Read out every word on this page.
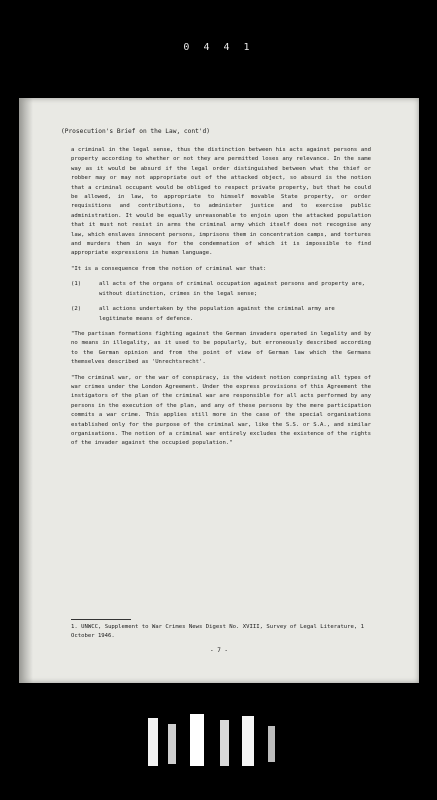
0 4 4 1
(Prosecution's Brief on the Law, cont'd)

a criminal in the legal sense, thus the distinction between his acts against persons and property according to whether or not they are permitted loses any relevance. In the same way as it would be absurd if the legal order distinguished between what the thief or robber may or may not appropriate out of the attacked object, so absurd is the notion that a criminal occupant would be obliged to respect private property, but that he could be allowed, in law, to appropriate to himself movable State property, or order requisitions and contributions, to administer justice and to exercise public administration. It would be equally unreasonable to enjoin upon the attacked population that it must not resist in arms the criminal army which itself does not recognise any law, which enslaves innocent persons, imprisons them in concentration camps, and tortures and murders them in ways for the condemnation of which it is impossible to find appropriate expressions in human language.

"It is a consequence from the notion of criminal war that:

(1)	all acts of the organs of criminal occupation against persons and property are, without distinction, crimes in the legal sense;
(2)	all actions undertaken by the population against the criminal army are legitimate means of defence.

"The partisan formations fighting against the German invaders operated in legality and by no means in illegality, as it used to be popularly, but erroneously described according to the German opinion and from the point of view of German law which the Germans themselves described as 'Unrechtsrecht'.

"The criminal war, or the war of conspiracy, is the widest notion comprising all types of war crimes under the London Agreement. Under the express provisions of this Agreement the instigators of the plan of the criminal war are responsible for all acts performed by any persons in the execution of the plan, and any of these persons by the mere participation commits a war crime. This applies still more in the case of the special organisations established only for the purpose of the criminal war, like the S.S. or S.A., and similar organisations. The notion of a criminal war entirely excludes the existence of the rights of the invader against the occupied population."

1. UNWCC, Supplement to War Crimes News Digest No. XVIII, Survey of Legal Literature, 1 October 1946.
- 7 -
